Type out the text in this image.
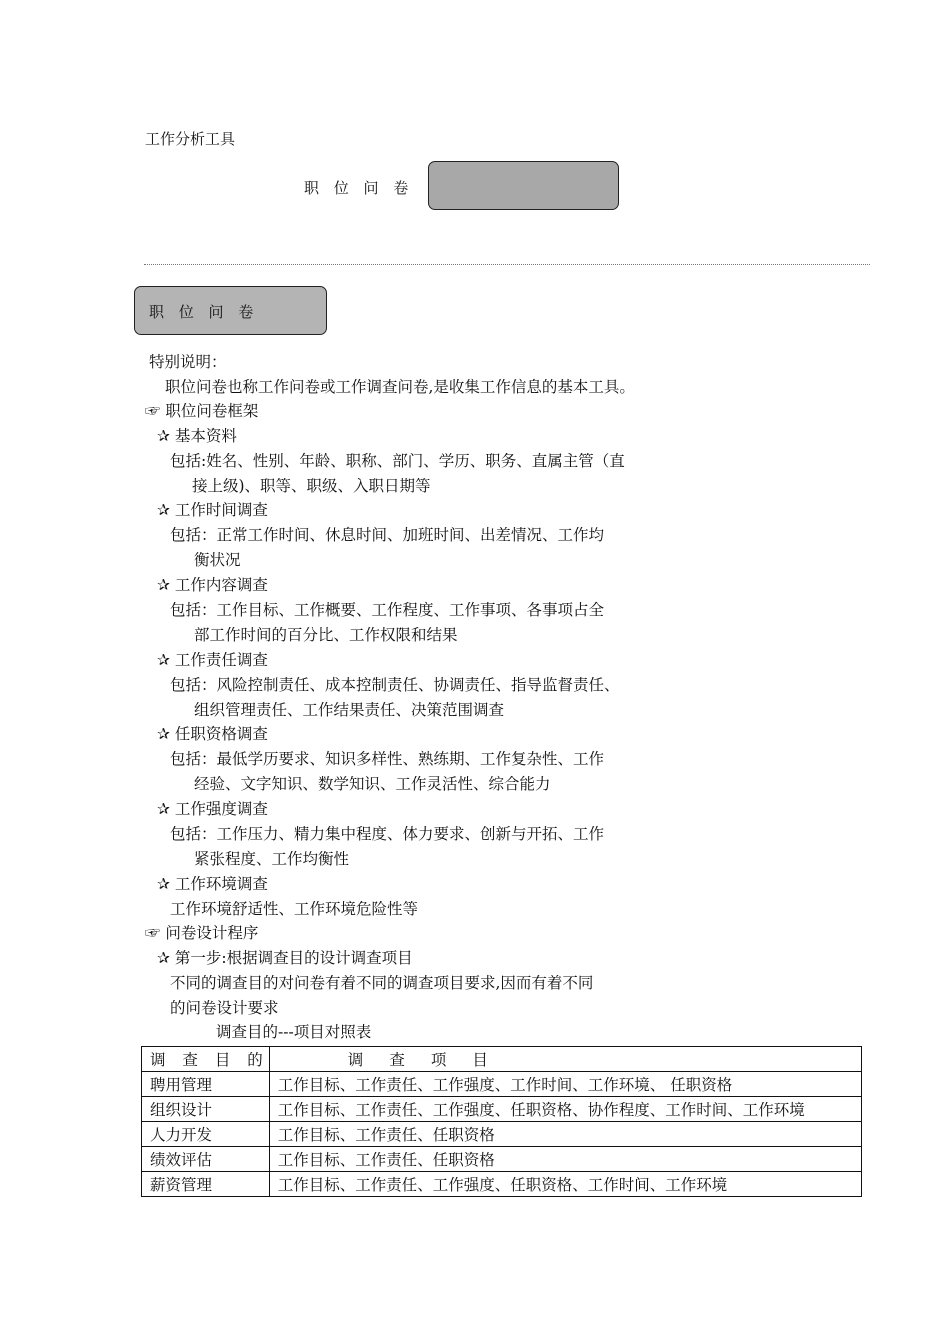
工作分析工具
职 位 问 卷
职 位 问 卷
特别说明：
职位问卷也称工作问卷或工作调查问卷,是收集工作信息的基本工具。
☞ 职位问卷框架
✰ 基本资料
包括:姓名、性别、年龄、职称、部门、学历、职务、直属主管（直
接上级)、职等、职级、入职日期等
✰ 工作时间调查
包括：正常工作时间、休息时间、加班时间、出差情况、工作均
衡状况
✰ 工作内容调查
包括：工作目标、工作概要、工作程度、工作事项、各事项占全
部工作时间的百分比、工作权限和结果
✰ 工作责任调查
包括：风险控制责任、成本控制责任、协调责任、指导监督责任、
组织管理责任、工作结果责任、决策范围调查
✰ 任职资格调查
包括：最低学历要求、知识多样性、熟练期、工作复杂性、工作
经验、文字知识、数学知识、工作灵活性、综合能力
✰ 工作强度调查
包括：工作压力、精力集中程度、体力要求、创新与开拓、工作
紧张程度、工作均衡性
✰ 工作环境调查
工作环境舒适性、工作环境危险性等
☞ 问卷设计程序
✰ 第一步:根据调查目的设计调查项目
不同的调查目的对问卷有着不同的调查项目要求,因而有着不同
的问卷设计要求
调查目的---项目对照表
调 查 目 的	调 查 项 目
聘用管理	工作目标、工作责任、工作强度、工作时间、工作环境、 任职资格
组织设计	工作目标、工作责任、工作强度、任职资格、协作程度、工作时间、工作环境
人力开发	工作目标、工作责任、任职资格
绩效评估	工作目标、工作责任、任职资格
薪资管理	工作目标、工作责任、工作强度、任职资格、工作时间、工作环境
